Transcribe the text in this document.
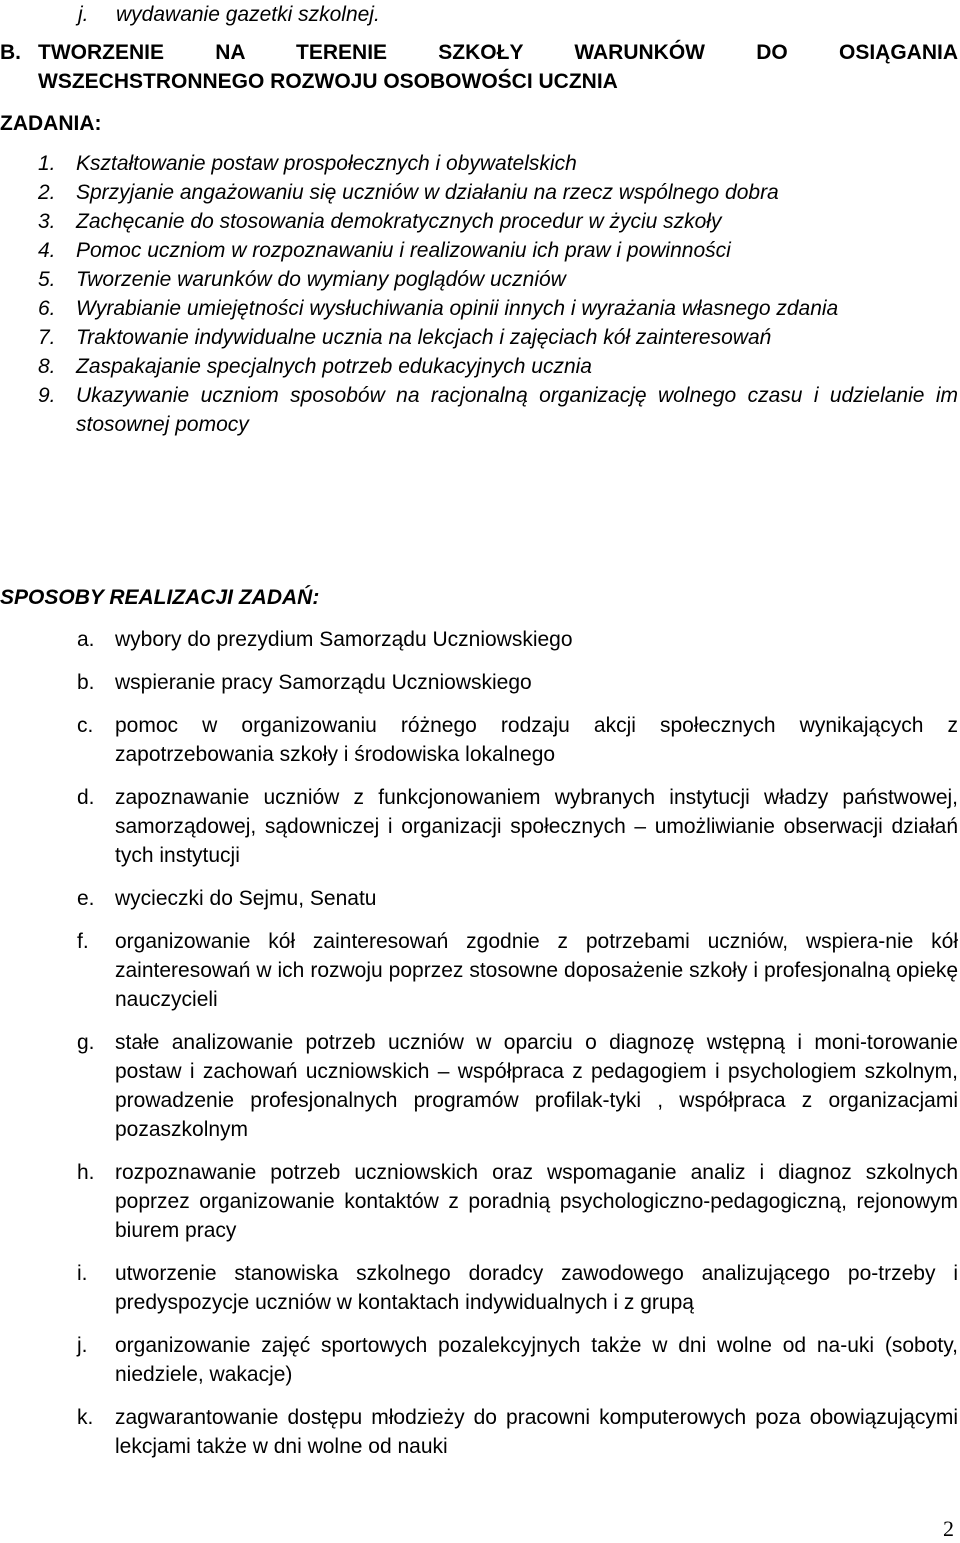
j. wydawanie gazetki szkolnej.
B. TWORZENIE NA TERENIE SZKOŁY WARUNKÓW DO OSIĄGANIA
WSZECHSTRONNEGO ROZWOJU OSOBOWOŚCI UCZNIA
ZADANIA:
1. Kształtowanie postaw prospołecznych i obywatelskich
2. Sprzyjanie angażowaniu się uczniów w działaniu na rzecz wspólnego dobra
3. Zachęcanie do stosowania demokratycznych procedur w życiu szkoły
4. Pomoc uczniom w rozpoznawaniu i realizowaniu ich praw i powinności
5. Tworzenie warunków do wymiany poglądów uczniów
6. Wyrabianie umiejętności wysłuchiwania opinii innych i wyrażania własnego zdania
7. Traktowanie indywidualne ucznia na lekcjach i zajęciach kół zainteresowań
8. Zaspakajanie specjalnych potrzeb edukacyjnych ucznia
9. Ukazywanie uczniom sposobów na racjonalną organizację wolnego czasu i udzielanie im stosownej pomocy
SPOSOBY REALIZACJI ZADAŃ:
a. wybory do prezydium Samorządu Uczniowskiego
b. wspieranie pracy Samorządu Uczniowskiego
c. pomoc w organizowaniu różnego rodzaju akcji społecznych wynikających z zapotrzebowania szkoły i środowiska lokalnego
d. zapoznawanie uczniów z funkcjonowaniem wybranych instytucji władzy państwowej, samorządowej, sądowniczej i organizacji społecznych – umożliwianie obserwacji działań tych instytucji
e. wycieczki do Sejmu, Senatu
f. organizowanie kół zainteresowań zgodnie z potrzebami uczniów, wspiera-nie kół zainteresowań w ich rozwoju poprzez stosowne doposażenie szkoły i profesjonalną opiekę nauczycieli
g. stałe analizowanie potrzeb uczniów w oparciu o diagnozę wstępną i moni-torowanie postaw i zachowań uczniowskich – współpraca z pedagogiem i psychologiem szkolnym, prowadzenie profesjonalnych programów profilak-tyki , współpraca z organizacjami pozaszkolnym
h. rozpoznawanie potrzeb uczniowskich oraz wspomaganie analiz i diagnoz szkolnych poprzez organizowanie kontaktów z poradnią psychologiczno-pedagogiczną, rejonowym biurem pracy
i. utworzenie stanowiska szkolnego doradcy zawodowego analizującego po-trzeby i predyspozycje uczniów w kontaktach indywidualnych i z grupą
j. organizowanie zajęć sportowych pozalekcyjnych także w dni wolne od na-uki (soboty, niedziele, wakacje)
k. zagwarantowanie dostępu młodzieży do pracowni komputerowych poza obowiązującymi lekcjami także w dni wolne od nauki
2
